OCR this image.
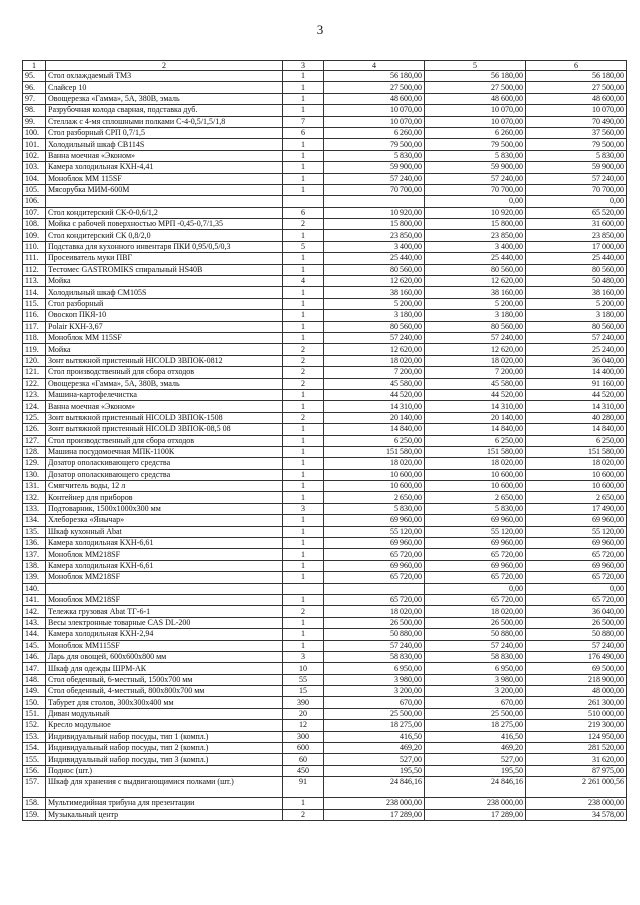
3
1	2	3	4	5	6
95.	Стол охлаждаемый ТМ3	1	56 180,00	56 180,00	56 180,00
96.	Слайсер 10	1	27 500,00	27 500,00	27 500,00
97.	Овощерезка «Гамма», 5А, 380В, эмаль	1	48 600,00	48 600,00	48 600,00
98.	Разрубочная колода сварная, подставка дуб.	1	10 070,00	10 070,00	10 070,00
99.	Стеллаж с 4-мя сплошными полками С-4-0,5/1,5/1,8	7	10 070,00	10 070,00	70 490,00
100.	Стол разборный СРП 0,7/1,5	6	6 260,00	6 260,00	37 560,00
101.	Холодильный шкаф СВ114S	1	79 500,00	79 500,00	79 500,00
102.	Ванна моечная «Эконом»	1	5 830,00	5 830,00	5 830,00
103.	Камера холодильная КХН-4,41	1	59 900,00	59 900,00	59 900,00
104.	Моноблок ММ 115SF	1	57 240,00	57 240,00	57 240,00
105.	Мясорубка МИМ-600М	1	70 700,00	70 700,00	70 700,00
106.				0,00	0,00
107.	Стол кондитерский СК-0-0,6/1,2	6	10 920,00	10 920,00	65 520,00
108.	Мойка с рабочей поверхностью МРП -0,45-0,7/1,35	2	15 800,00	15 800,00	31 600,00
109.	Стол кондитерский СК 0,8/2,0	1	23 850,00	23 850,00	23 850,00
110.	Подставка для кухонного инвентаря ПКИ 0,95/0,5/0,3	5	3 400,00	3 400,00	17 000,00
111.	Просеиватель муки ПВГ	1	25 440,00	25 440,00	25 440,00
112.	Тестомес GASTROMIKS спиральный HS40B	1	80 560,00	80 560,00	80 560,00
113.	Мойка	4	12 620,00	12 620,00	50 480,00
114.	Холодильный шкаф СМ105S	1	38 160,00	38 160,00	38 160,00
115.	Стол разборный	1	5 200,00	5 200,00	5 200,00
116.	Овоскоп ПКЯ-10	1	3 180,00	3 180,00	3 180,00
117.	Polair КХН-3,67	1	80 560,00	80 560,00	80 560,00
118.	Моноблок ММ 115SF	1	57 240,00	57 240,00	57 240,00
119.	Мойка	2	12 620,00	12 620,00	25 240,00
120.	Зонт вытяжной пристенный HICOLD ЗВПОК-0812	2	18 020,00	18 020,00	36 040,00
121.	Стол производственный для сбора отходов	2	7 200,00	7 200,00	14 400,00
122.	Овощерезка «Гамма», 5А, 380В, эмаль	2	45 580,00	45 580,00	91 160,00
123.	Машина-картофелечистка	1	44 520,00	44 520,00	44 520,00
124.	Ванна моечная «Эконом»	1	14 310,00	14 310,00	14 310,00
125.	Зонт вытяжной пристенный HICOLD ЗВПОК-1508	2	20 140,00	20 140,00	40 280,00
126.	Зонт вытяжной пристенный HICOLD ЗВПОК-08,5 08	1	14 840,00	14 840,00	14 840,00
127.	Стол производственный для сбора отходов	1	6 250,00	6 250,00	6 250,00
128.	Машина посудомоечная МПК-1100К	1	151 580,00	151 580,00	151 580,00
129.	Дозатор ополаскивающего средства	1	18 020,00	18 020,00	18 020,00
130.	Дозатор ополаскивающего средства	1	10 600,00	10 600,00	10 600,00
131.	Смягчитель воды, 12 л	1	10 600,00	10 600,00	10 600,00
132.	Контейнер для приборов	1	2 650,00	2 650,00	2 650,00
133.	Подтоварник, 1500х1000х300 мм	3	5 830,00	5 830,00	17 490,00
134.	Хлеборезка «Янычар»	1	69 960,00	69 960,00	69 960,00
135.	Шкаф кухонный Abat	1	55 120,00	55 120,00	55 120,00
136.	Камера холодильная КХН-6,61	1	69 960,00	69 960,00	69 960,00
137.	Моноблок ММ218SF	1	65 720,00	65 720,00	65 720,00
138.	Камера холодильная КХН-6,61	1	69 960,00	69 960,00	69 960,00
139.	Моноблок ММ218SF	1	65 720,00	65 720,00	65 720,00
140.				0,00	0,00
141.	Моноблок ММ218SF	1	65 720,00	65 720,00	65 720,00
142.	Тележка грузовая Abat ТГ-6-1	2	18 020,00	18 020,00	36 040,00
143.	Весы электронные товарные CAS DL-200	1	26 500,00	26 500,00	26 500,00
144.	Камера холодильная КХН-2,94	1	50 880,00	50 880,00	50 880,00
145.	Моноблок ММ115SF	1	57 240,00	57 240,00	57 240,00
146.	Ларь для овощей, 600х600х800 мм	3	58 830,00	58 830,00	176 490,00
147.	Шкаф для одежды ШРМ-АК	10	6 950,00	6 950,00	69 500,00
148.	Стол обеденный, 6-местный, 1500х700 мм	55	3 980,00	3 980,00	218 900,00
149.	Стол обеденный, 4-местный, 800х800х700 мм	15	3 200,00	3 200,00	48 000,00
150.	Табурет для столов, 300х300х400 мм	390	670,00	670,00	261 300,00
151.	Диван модульный	20	25 500,00	25 500,00	510 000,00
152.	Кресло модульное	12	18 275,00	18 275,00	219 300,00
153.	Индивидуальный набор посуды, тип 1 (компл.)	300	416,50	416,50	124 950,00
154.	Индивидуальный набор посуды, тип 2 (компл.)	600	469,20	469,20	281 520,00
155.	Индивидуальный набор посуды, тип 3 (компл.)	60	527,00	527,00	31 620,00
156.	Поднос (шт.)	450	195,50	195,50	87 975,00
157.	Шкаф для хранения с выдвигающимися полками (шт.)	91	24 846,16	24 846,16	2 261 000,56
158.	Мультимедийная трибуна для презентации	1	238 000,00	238 000,00	238 000,00
159.	Музыкальный центр	2	17 289,00	17 289,00	34 578,00
